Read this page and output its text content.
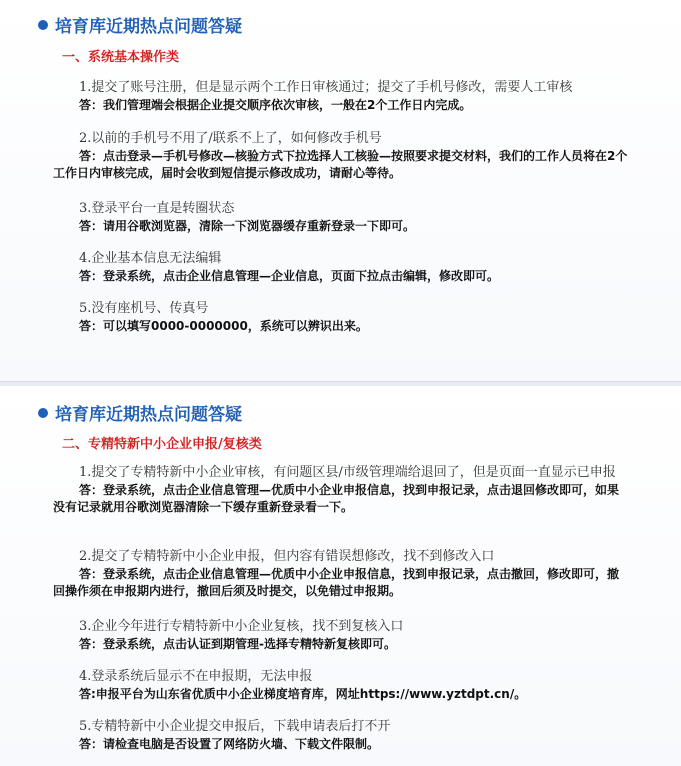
培育库近期热点问题答疑
一、系统基本操作类
1.提交了账号注册，但是显示两个工作日审核通过；提交了手机号修改，需要人工审核
答：我们管理端会根据企业提交顺序依次审核，一般在2个工作日内完成。
2.以前的手机号不用了/联系不上了，如何修改手机号
答：点击登录—手机号修改—核验方式下拉选择人工核验—按照要求提交材料，我们的工作人员将在2个工作日内审核完成，届时会收到短信提示修改成功，请耐心等待。
3.登录平台一直是转圈状态
答：请用谷歌浏览器，清除一下浏览器缓存重新登录一下即可。
4.企业基本信息无法编辑
答：登录系统，点击企业信息管理—企业信息，页面下拉点击编辑，修改即可。
5.没有座机号、传真号
答：可以填写0000-0000000，系统可以辨识出来。
培育库近期热点问题答疑
二、专精特新中小企业申报/复核类
1.提交了专精特新中小企业审核，有问题区县/市级管理端给退回了，但是页面一直显示已申报
答：登录系统，点击企业信息管理—优质中小企业申报信息，找到申报记录，点击退回修改即可，如果没有记录就用谷歌浏览器清除一下缓存重新登录看一下。
2.提交了专精特新中小企业申报，但内容有错误想修改，找不到修改入口
答：登录系统，点击企业信息管理—优质中小企业申报信息，找到申报记录，点击撤回，修改即可，撤回操作须在申报期内进行，撤回后须及时提交，以免错过申报期。
3.企业今年进行专精特新中小企业复核，找不到复核入口
答：登录系统，点击认证到期管理-选择专精特新复核即可。
4.登录系统后显示不在申报期，无法申报
答:申报平台为山东省优质中小企业梯度培育库，网址https://www.yztdpt.cn/。
5.专精特新中小企业提交申报后，下载申请表后打不开
答：请检查电脑是否设置了网络防火墙、下载文件限制。
